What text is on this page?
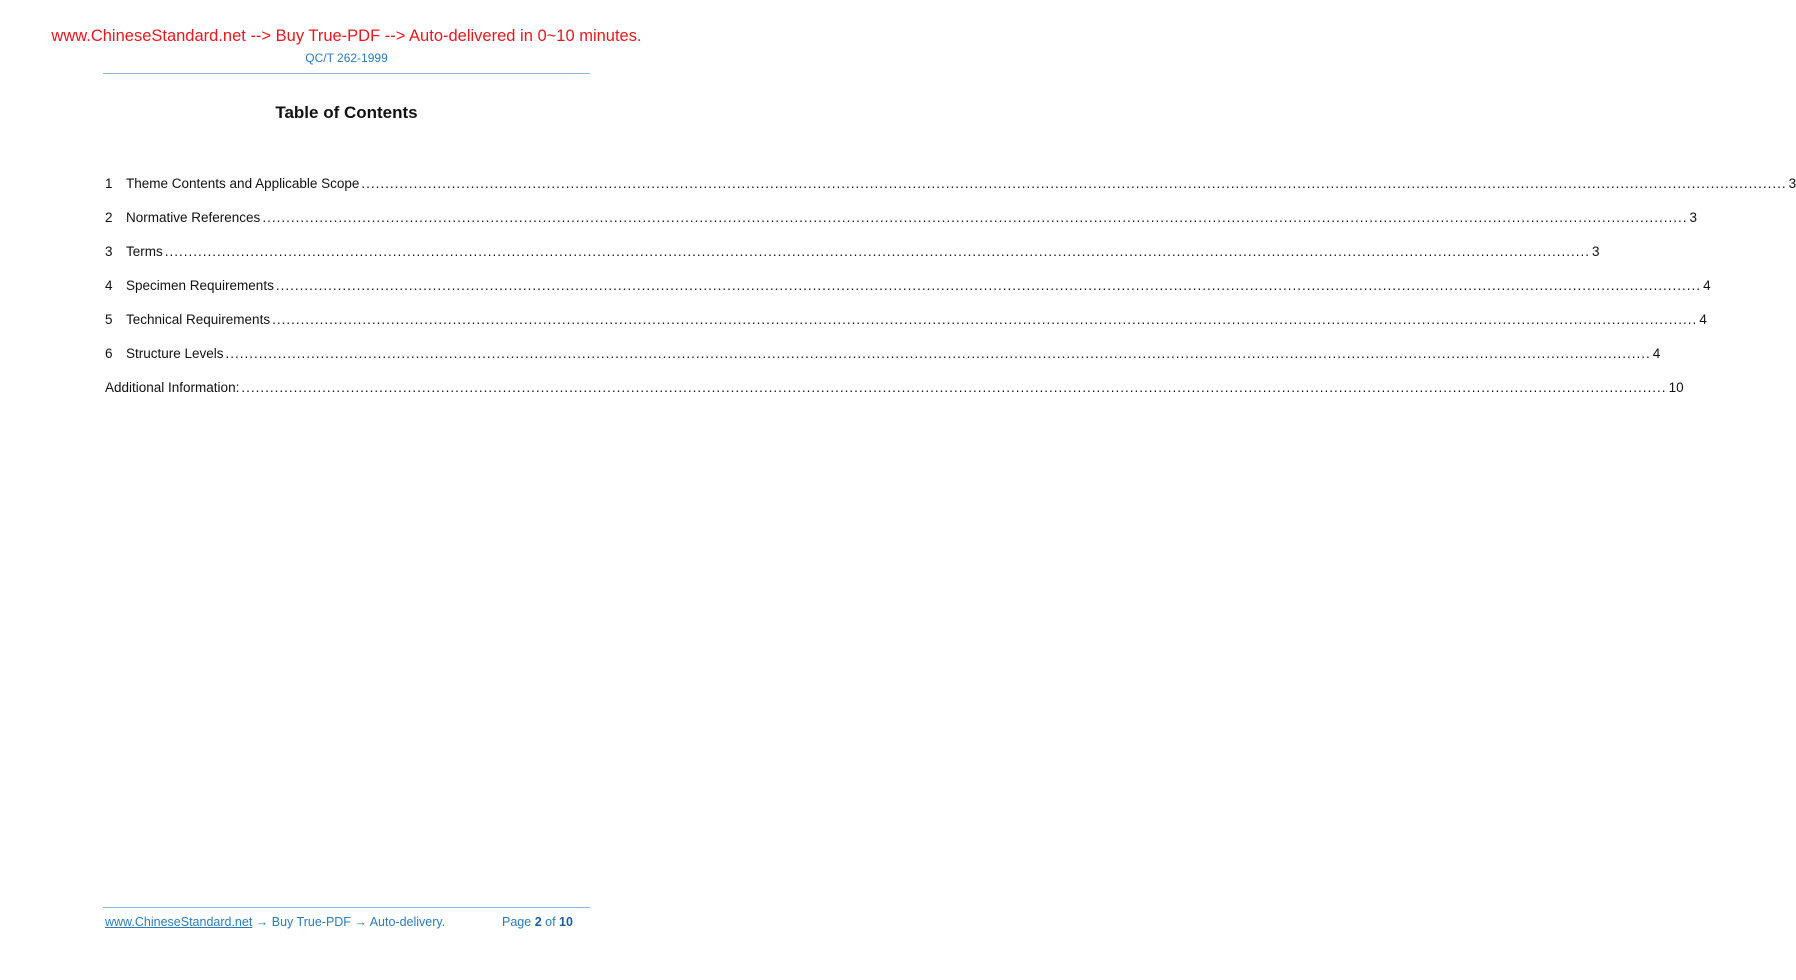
www.ChineseStandard.net --> Buy True-PDF --> Auto-delivered in 0~10 minutes.
QC/T 262-1999
Table of Contents
1 Theme Contents and Applicable Scope ............................................................................................................................................................................................................................................................................................................ 3
2 Normative References ............................................................................................................................................................................................................................................................................................................ 3
3 Terms ............................................................................................................................................................................................................................................................................................................ 3
4 Specimen Requirements ............................................................................................................................................................................................................................................................................................................ 4
5 Technical Requirements ............................................................................................................................................................................................................................................................................................................ 4
6 Structure Levels ............................................................................................................................................................................................................................................................................................................ 4
Additional Information: ............................................................................................................................................................................................................................................................................................................ 10
www.ChineseStandard.net → Buy True-PDF → Auto-delivery.	Page 2 of 10
